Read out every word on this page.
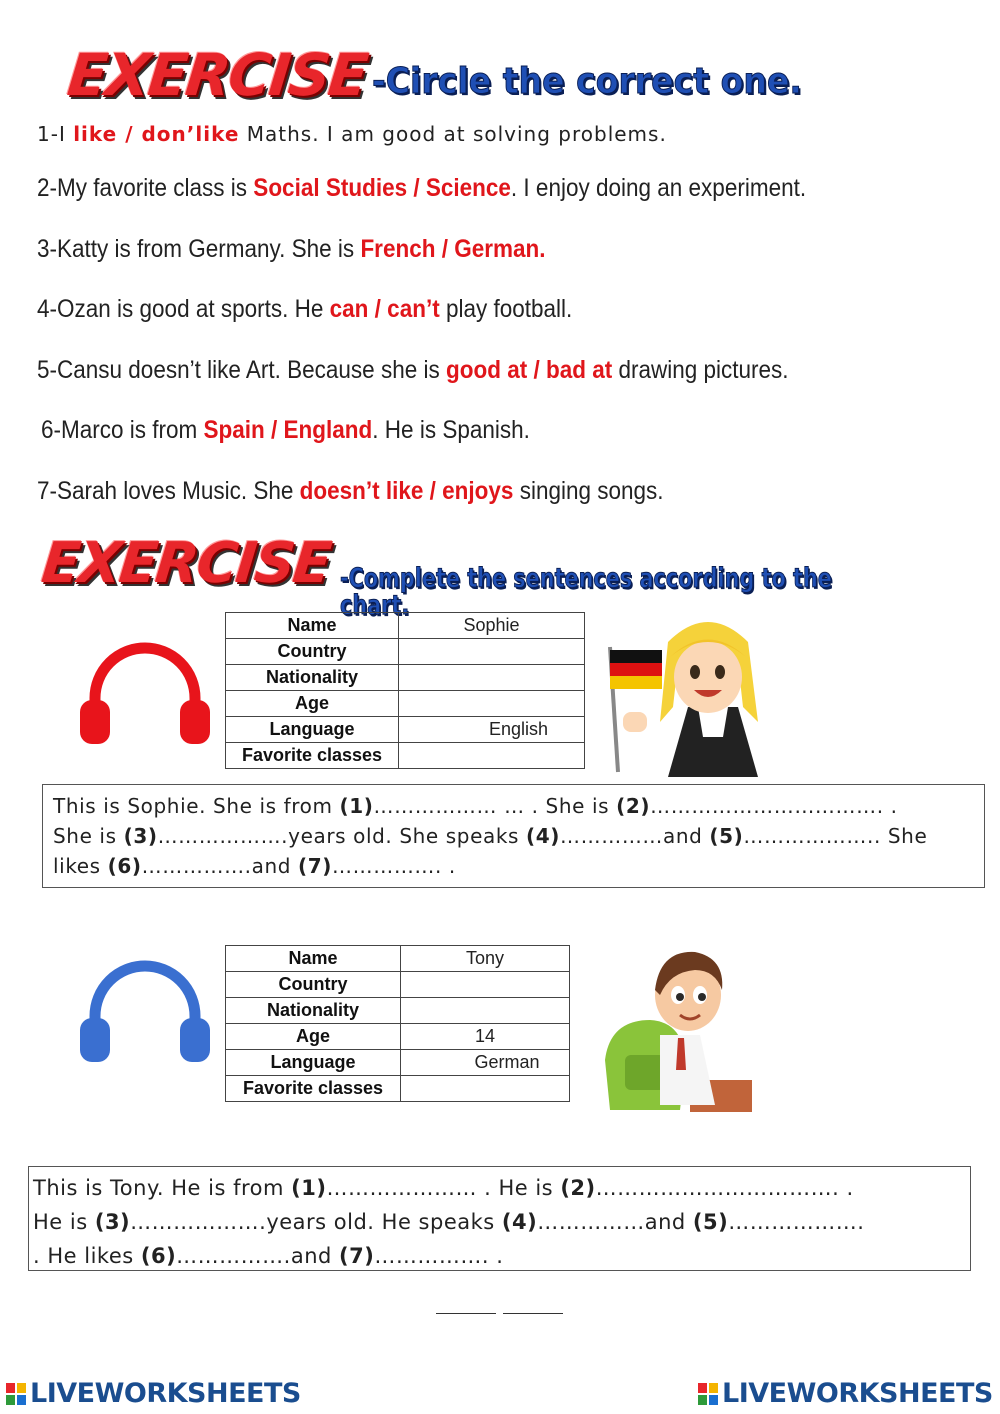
EXERCISE -Circle the correct one.
1-I like / don’like Maths. I am good at solving problems.
2-My favorite class is Social Studies / Science. I enjoy doing an experiment.
3-Katty is from Germany. She is French / German.
4-Ozan is good at sports. He can / can’t play football.
5-Cansu doesn’t like Art. Because she is good at / bad at drawing pictures.
6-Marco is from Spain / England. He is Spanish.
7-Sarah loves Music. She doesn’t like / enjoys singing songs.
EXERCISE -Complete the sentences according to the chart.
Name	Sophie
Country	
Nationality	
Age	
Language	English
Favorite classes	
This is Sophie. She is from (1)……………… … . She is (2)……………………………. .
She is (3)……………….years old. She speaks (4)……………and (5)……………….. She
likes (6)…………….and (7)……………. .
Name	Tony
Country	
Nationality	
Age	14
Language	German
Favorite classes	
This is Tony. He is from (1)………………… . He is (2)……………………………. .
He is (3)……………….years old. He speaks (4)……………and (5)……………….
. He likes (6)…………….and (7)……………. .
LIVEWORKSHEETS	LIVEWORKSHEETS
